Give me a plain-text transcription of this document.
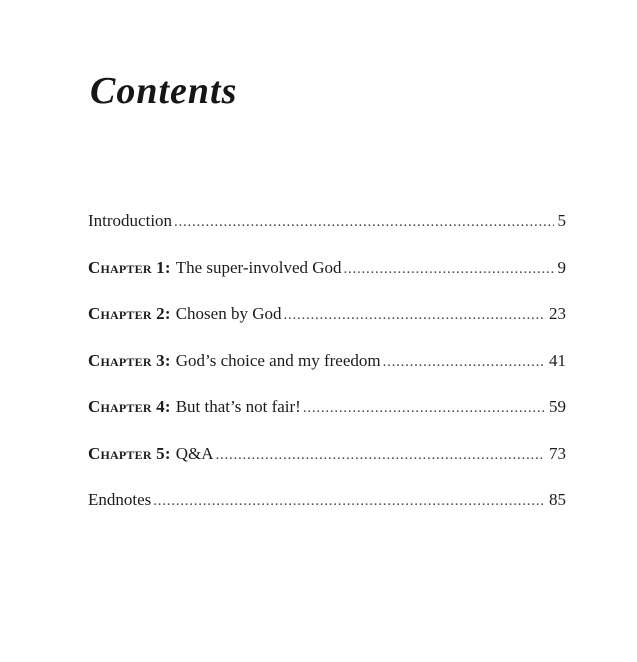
Contents
Introduction . . .	5
Chapter 1: The super-involved God . . .	9
Chapter 2: Chosen by God . . .	23
Chapter 3: God’s choice and my freedom . . .	41
Chapter 4: But that’s not fair! . . .	59
Chapter 5: Q&A . . .	73
Endnotes . . .	85
